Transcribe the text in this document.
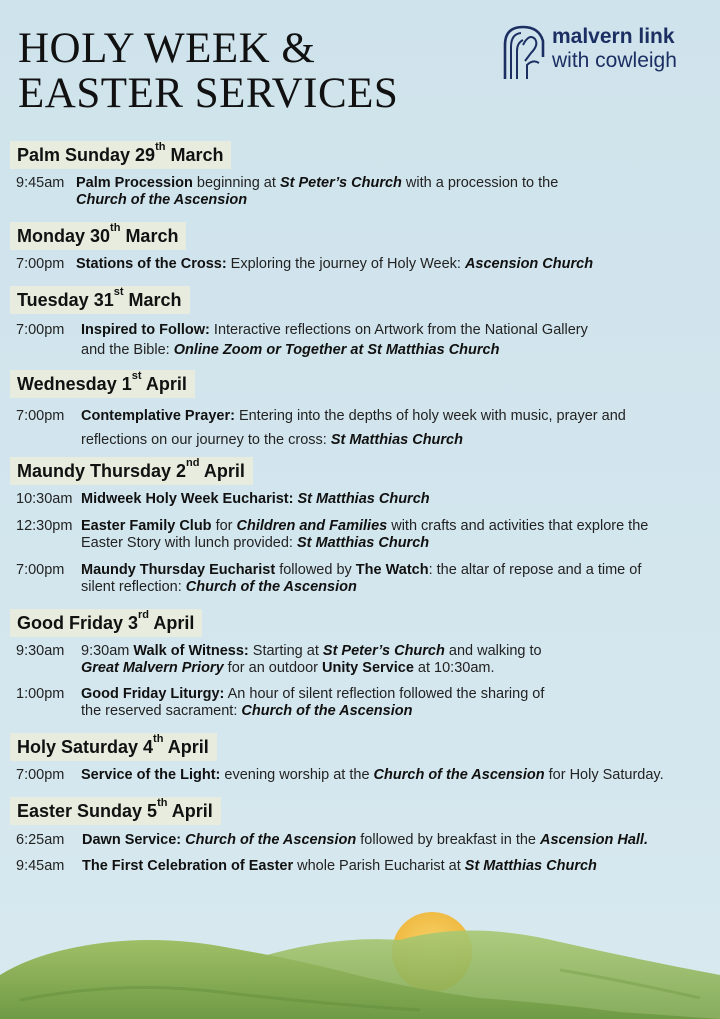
HOLY WEEK &
EASTER SERVICES
malvern link
with cowleigh
Palm Sunday 29th March
9:45am Palm Procession beginning at St Peter’s Church with a procession to the
Church of the Ascension
Monday 30th March
7:00pm Stations of the Cross: Exploring the journey of Holy Week: Ascension Church
Tuesday 31st March
7:00pm Inspired to Follow: Interactive reflections on Artwork from the National Gallery
and the Bible: Online Zoom or Together at St Matthias Church
Wednesday 1st April
7:00pm Contemplative Prayer: Entering into the depths of holy week with music, prayer and
reflections on our journey to the cross: St Matthias Church
Maundy Thursday 2nd April
10:30am Midweek Holy Week Eucharist: St Matthias Church
12:30pm Easter Family Club for Children and Families with crafts and activities that explore the
Easter Story with lunch provided: St Matthias Church
7:00pm Maundy Thursday Eucharist followed by The Watch: the altar of repose and a time of
silent reflection: Church of the Ascension
Good Friday 3rd April
9:30am 9:30am Walk of Witness: Starting at St Peter’s Church and walking to
Great Malvern Priory for an outdoor Unity Service at 10:30am.
1:00pm Good Friday Liturgy: An hour of silent reflection followed the sharing of
the reserved sacrament: Church of the Ascension
Holy Saturday 4th April
7:00pm Service of the Light: evening worship at the Church of the Ascension for Holy Saturday.
Easter Sunday 5th April
6:25am Dawn Service: Church of the Ascension followed by breakfast in the Ascension Hall.
9:45am The First Celebration of Easter whole Parish Eucharist at St Matthias Church
